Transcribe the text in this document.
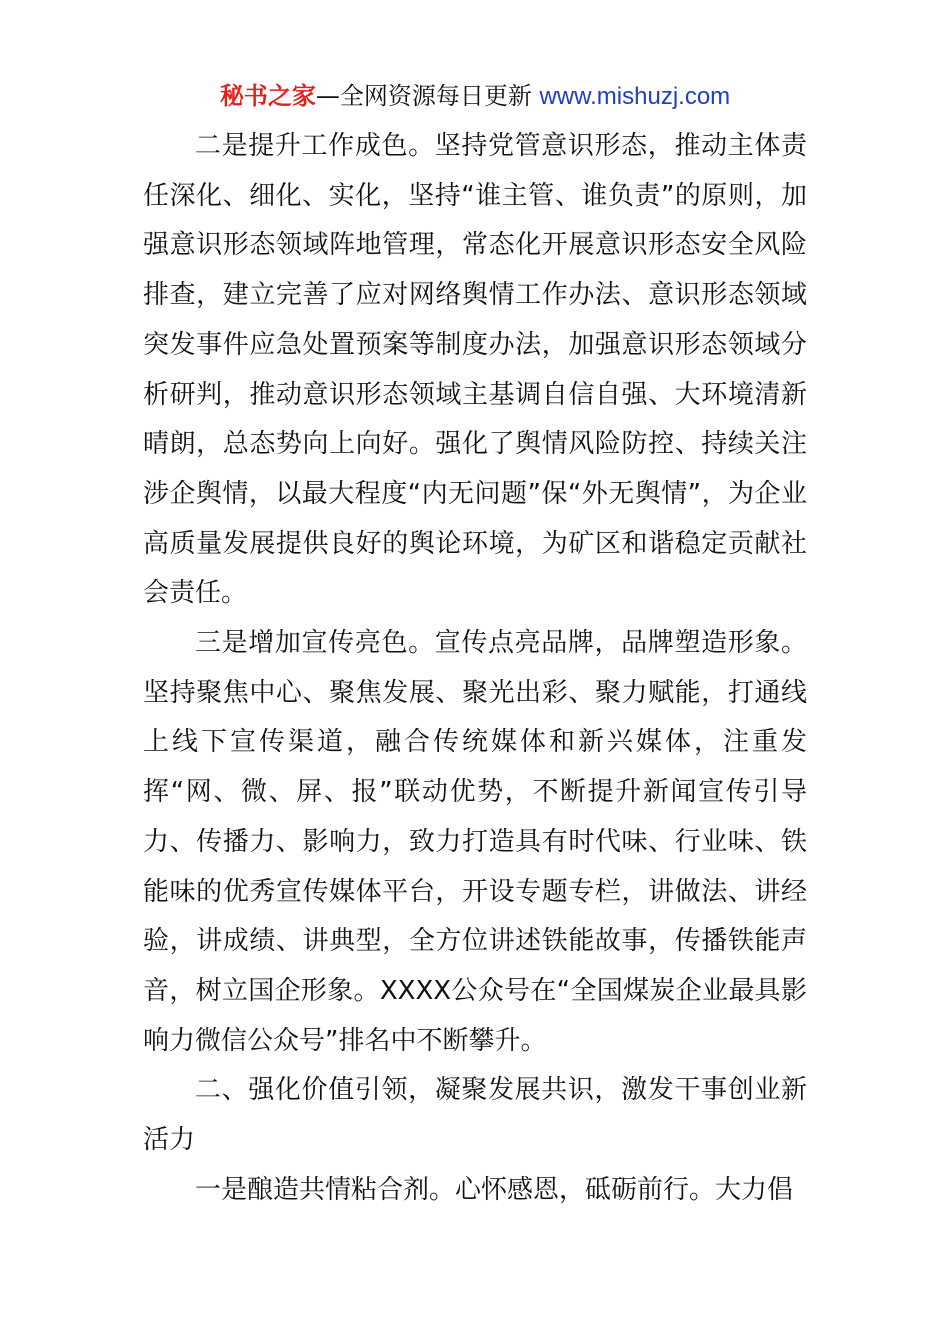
秘书之家—全网资源每日更新 www.mishuzj.com

二是提升工作成色。坚持党管意识形态，推动主体责任深化、细化、实化，坚持“谁主管、谁负责”的原则，加强意识形态领域阵地管理，常态化开展意识形态安全风险排查，建立完善了应对网络舆情工作办法、意识形态领域突发事件应急处置预案等制度办法，加强意识形态领域分析研判，推动意识形态领域主基调自信自强、大环境清新晴朗，总态势向上向好。强化了舆情风险防控、持续关注涉企舆情，以最大程度“内无问题”保“外无舆情”，为企业高质量发展提供良好的舆论环境，为矿区和谐稳定贡献社会责任。

三是增加宣传亮色。宣传点亮品牌，品牌塑造形象。坚持聚焦中心、聚焦发展、聚光出彩、聚力赋能，打通线上线下宣传渠道，融合传统媒体和新兴媒体，注重发挥“网、微、屏、报”联动优势，不断提升新闻宣传引导力、传播力、影响力，致力打造具有时代味、行业味、铁能味的优秀宣传媒体平台，开设专题专栏，讲做法、讲经验，讲成绩、讲典型，全方位讲述铁能故事，传播铁能声音，树立国企形象。XXXX公众号在“全国煤炭企业最具影响力微信公众号”排名中不断攀升。

二、强化价值引领，凝聚发展共识，激发干事创业新活力

一是酿造共情粘合剂。心怀感恩，砥砺前行。大力倡
